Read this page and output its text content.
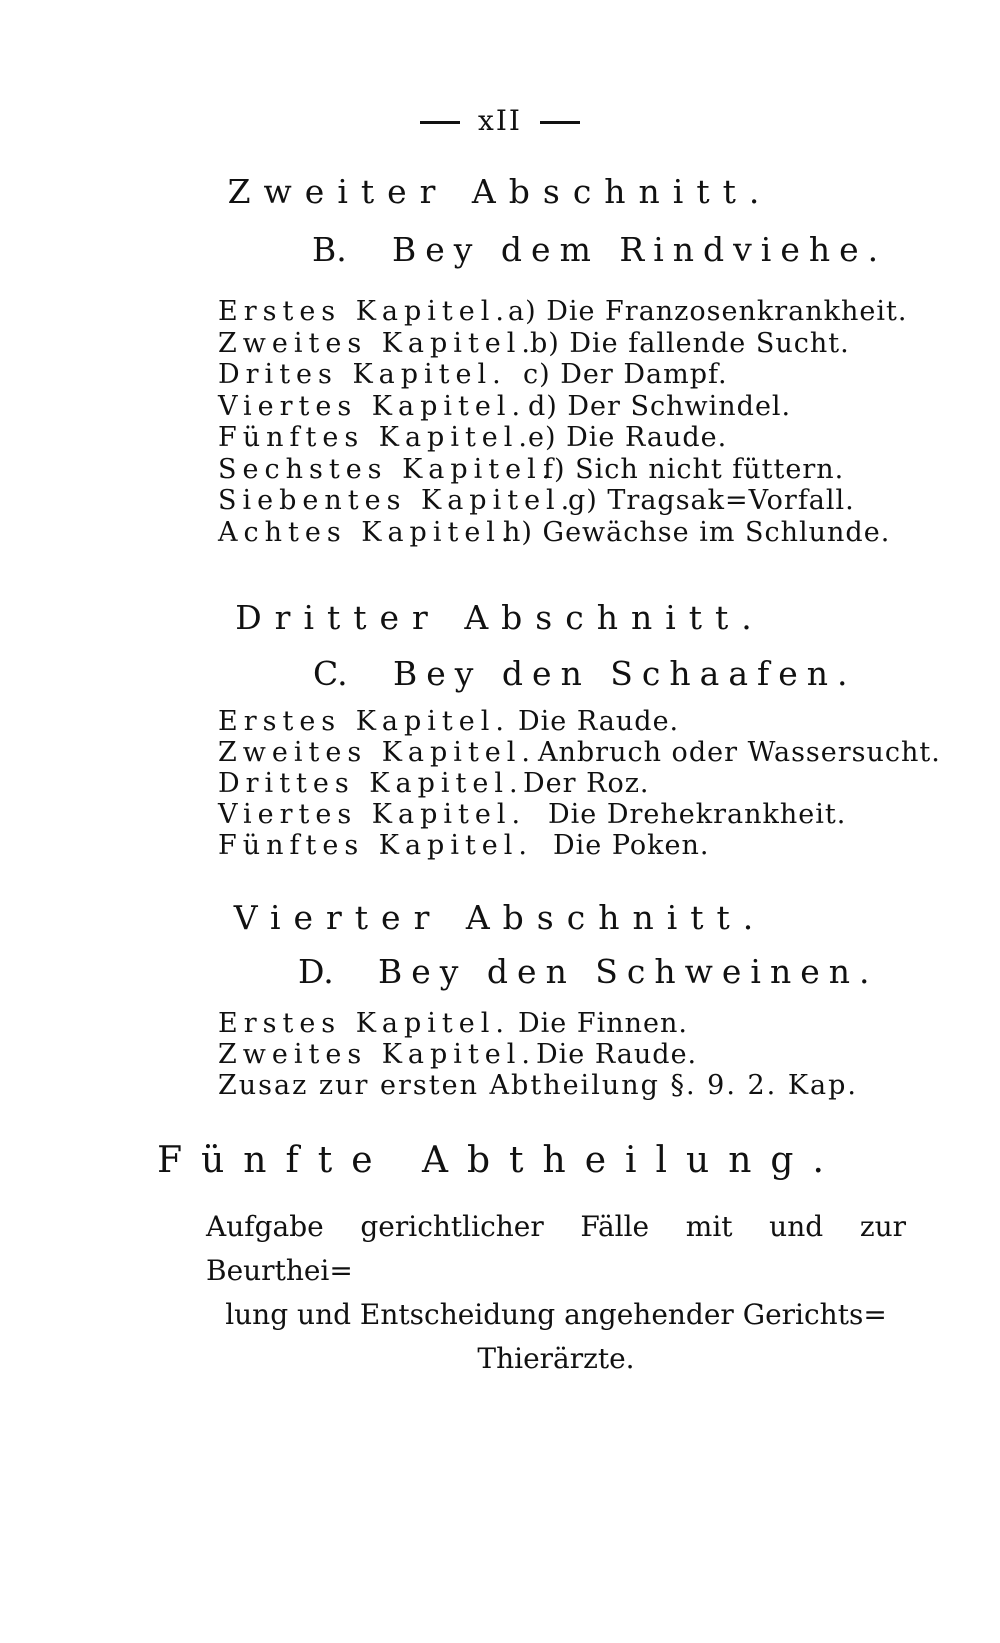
xII
Zweiter Abschnitt.
B. Bey dem Rindviehe.
Erstes Kapitel.a) Die Franzosenkrankheit.
Zweites Kapitel.b) Die fallende Sucht.
Drites Kapitel. c) Der Dampf.
Viertes Kapitel.d) Der Schwindel.
Fünftes Kapitel.e) Die Raude.
Sechstes Kapitel.f) Sich nicht füttern.
Siebentes Kapitel.g) Tragsak=Vorfall.
Achtes Kapitel.h) Gewächse im Schlunde.
Dritter Abschnitt.
C. Bey den Schaafen.
Erstes Kapitel. Die Raude.
Zweites Kapitel.Anbruch oder Wassersucht.
Drittes Kapitel.Der Roz.
Viertes Kapitel. Die Drehekrankheit.
Fünftes Kapitel. Die Poken.
Vierter Abschnitt.
D. Bey den Schweinen.
Erstes Kapitel. Die Finnen.
Zweites Kapitel.Die Raude.
Zusaz zur ersten Abtheilung §. 9. 2. Kap.
Fünfte Abtheilung.
Aufgabe gerichtlicher Fälle mit und zur Beurthei=
lung und Entscheidung angehender Gerichts=
Thierärzte.
